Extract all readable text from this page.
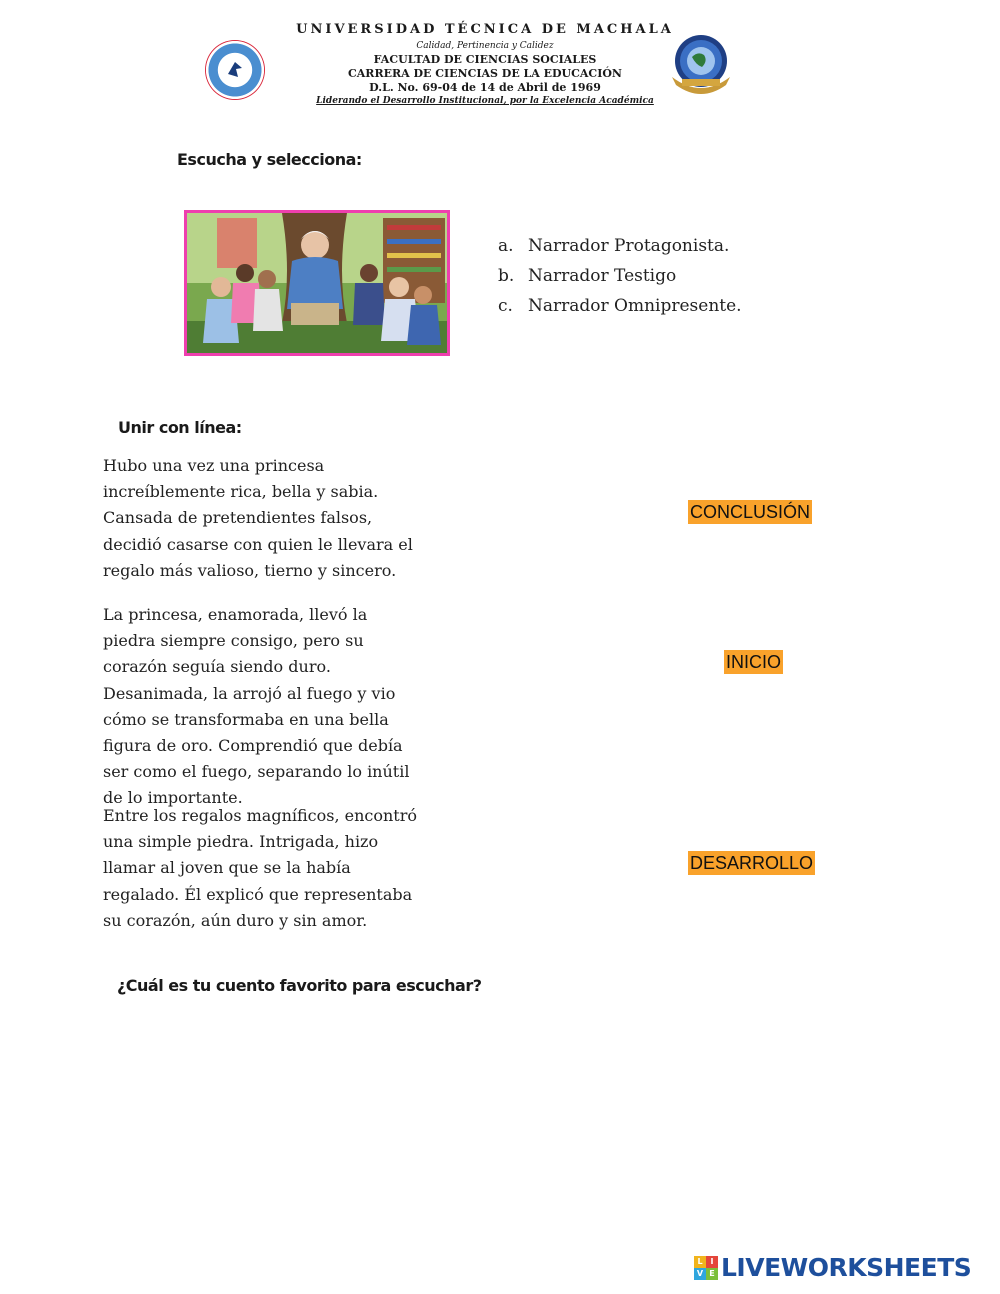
UNIVERSIDAD TÉCNICA DE MACHALA
Calidad, Pertinencia y Calidez
FACULTAD DE CIENCIAS SOCIALES
CARRERA DE CIENCIAS DE LA EDUCACIÓN
D.L. No. 69-04 de 14 de Abril de 1969
Liderando el Desarrollo Institucional, por la Excelencia Académica
Escucha y selecciona:
a. Narrador Protagonista.
b. Narrador Testigo
c. Narrador Omnipresente.
Unir con línea:
Hubo una vez una princesa increíblemente rica, bella y sabia. Cansada de pretendientes falsos, decidió casarse con quien le llevara el regalo más valioso, tierno y sincero.
La princesa, enamorada, llevó la piedra siempre consigo, pero su corazón seguía siendo duro. Desanimada, la arrojó al fuego y vio cómo se transformaba en una bella figura de oro. Comprendió que debía ser como el fuego, separando lo inútil de lo importante.
Entre los regalos magníficos, encontró una simple piedra. Intrigada, hizo llamar al joven que se la había regalado. Él explicó que representaba su corazón, aún duro y sin amor.
CONCLUSIÓN
INICIO
DESARROLLO
¿Cuál es tu cuento favorito para escuchar?
L I
V E LIVEWORKSHEETS
